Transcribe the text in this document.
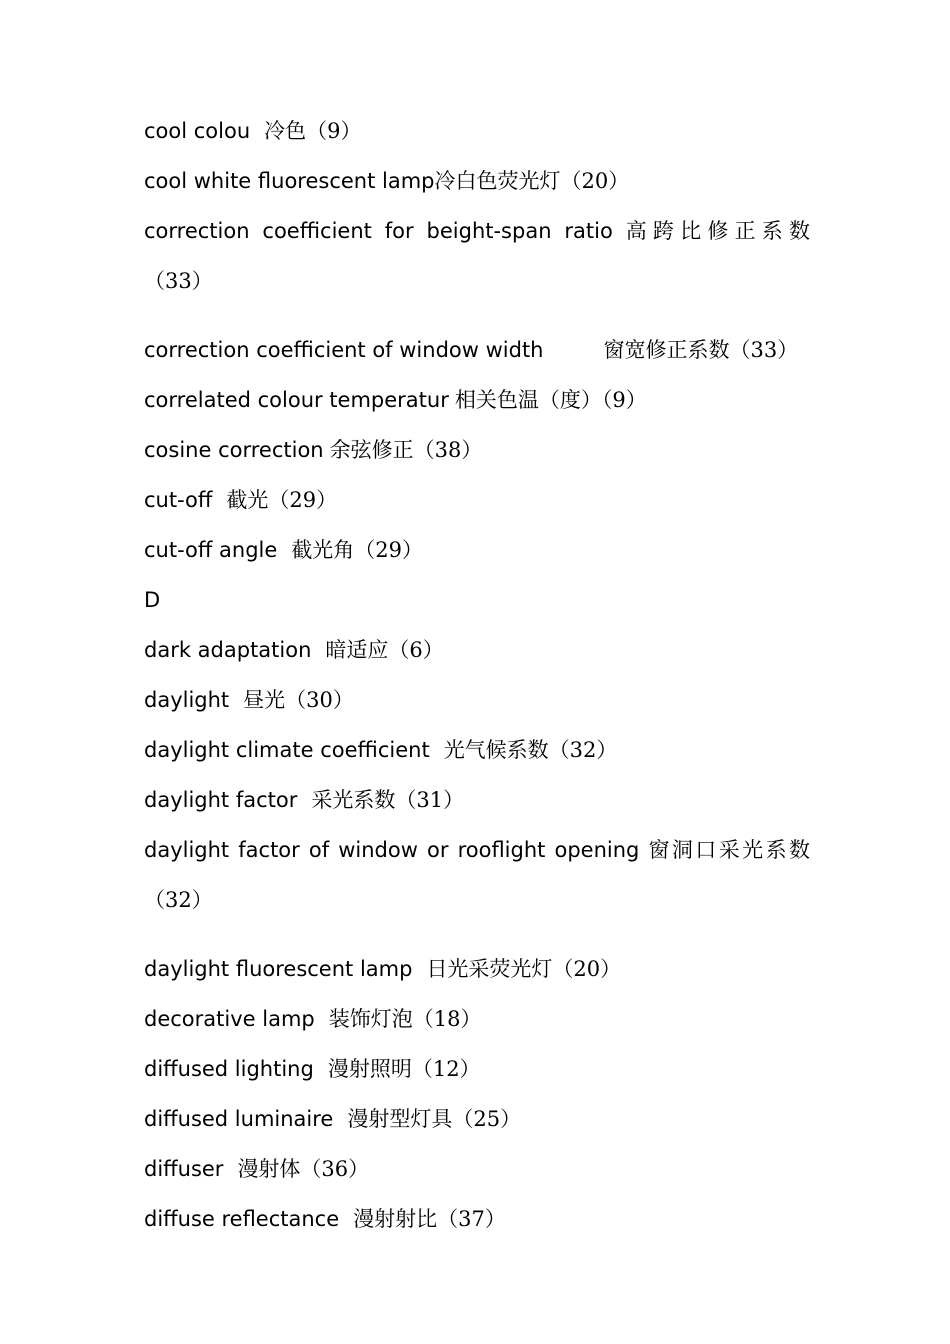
cool colou 冷色（9）
cool white fluorescent lamp冷白色荧光灯（20）
correction coefficient for beight-span ratio 高跨比修正系数
（33）
correction coefficient of window width	窗宽修正系数（33）
correlated colour temperatur 相关色温（度）（9）
cosine correction 余弦修正（38）
cut-off 截光（29）
cut-off angle 截光角（29）
D
dark adaptation 暗适应（6）
daylight 昼光（30）
daylight climate coefficient 光气候系数（32）
daylight factor 采光系数（31）
daylight factor of window or rooflight opening 窗洞口采光系数
（32）
daylight fluorescent lamp 日光采荧光灯（20）
decorative lamp 装饰灯泡（18）
diffused lighting 漫射照明（12）
diffused luminaire 漫射型灯具（25）
diffuser 漫射体（36）
diffuse reflectance 漫射射比（37）
